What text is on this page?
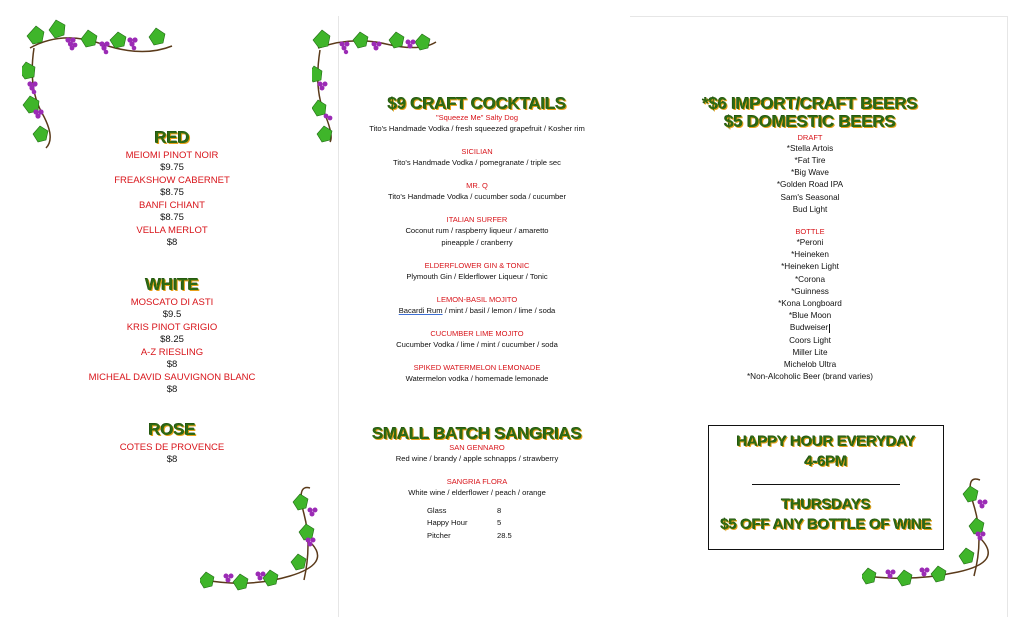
RED
MEIOMI PINOT NOIR
$9.75
FREAKSHOW CABERNET
$8.75
BANFI CHIANT
$8.75
VELLA MERLOT
$8
WHITE
MOSCATO DI ASTI
$9.5
KRIS PINOT GRIGIO
$8.25
A-Z RIESLING
$8
MICHEAL DAVID SAUVIGNON BLANC
$8
ROSE
COTES DE PROVENCE
$8
$9 CRAFT COCKTAILS
"Squeeze Me" Salty Dog
Tito's Handmade Vodka / fresh squeezed grapefruit / Kosher rim
SICILIAN
Tito's Handmade Vodka / pomegranate / triple sec
MR. Q
Tito's Handmade Vodka / cucumber soda / cucumber
ITALIAN SURFER
Coconut rum / raspberry liqueur / amaretto
pineapple / cranberry
ELDERFLOWER GIN & TONIC
Plymouth Gin / Elderflower Liqueur / Tonic
LEMON-BASIL MOJITO
Bacardi Rum / mint / basil / lemon / lime / soda
CUCUMBER LIME MOJITO
Cucumber Vodka / lime / mint / cucumber / soda
SPIKED WATERMELON LEMONADE
Watermelon vodka / homemade lemonade
SMALL BATCH SANGRIAS
SAN GENNARO
Red wine / brandy / apple schnapps / strawberry
SANGRIA FLORA
White wine / elderflower / peach / orange
Glass	8
Happy Hour	5
Pitcher	28.5
*$6 IMPORT/CRAFT BEERS
$5 DOMESTIC BEERS
DRAFT
*Stella Artois
*Fat Tire
*Big Wave
*Golden Road IPA
Sam's Seasonal
Bud Light
BOTTLE
*Peroni
*Heineken
*Heineken Light
*Corona
*Guinness
*Kona Longboard
*Blue Moon
Budweiser
Coors Light
Miller Lite
Michelob Ultra
*Non-Alcoholic Beer (brand varies)
HAPPY HOUR EVERYDAY
4-6PM
THURSDAYS
$5 OFF ANY BOTTLE OF WINE
